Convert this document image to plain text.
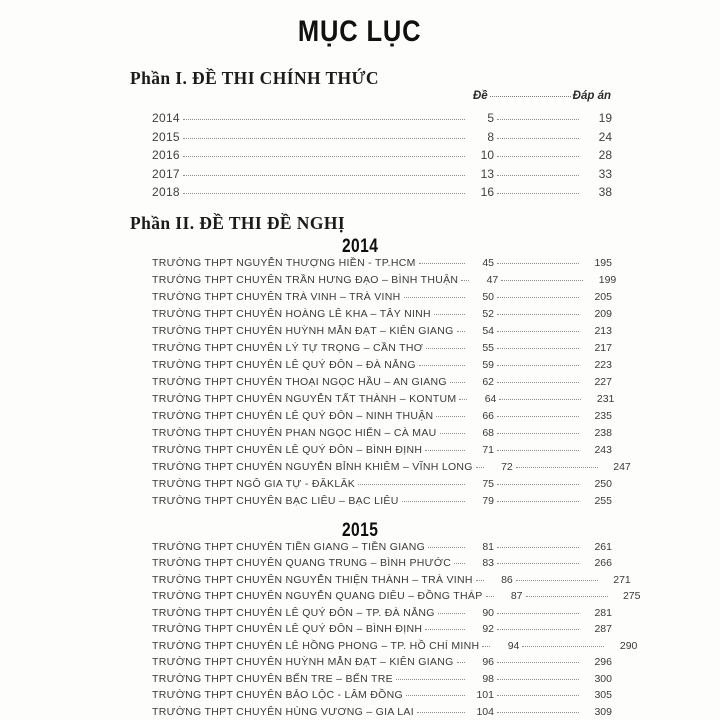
MỤC LỤC
Phần I. ĐỀ THI CHÍNH THỨC
Đề	Đáp án
2014	5	19
2015	8	24
2016	10	28
2017	13	33
2018	16	38
Phần II. ĐỀ THI ĐỀ NGHỊ
2014
TRƯỜNG THPT NGUYỄN THƯỢNG HIỀN - TP.HCM	45	195
TRƯỜNG THPT CHUYÊN TRẦN HƯNG ĐẠO – BÌNH THUẬN	47	199
TRƯỜNG THPT CHUYÊN TRÀ VINH – TRÀ VINH	50	205
TRƯỜNG THPT CHUYÊN HOÀNG LÊ KHA – TÂY NINH	52	209
TRƯỜNG THPT CHUYÊN HUỲNH MẪN ĐẠT – KIÊN GIANG	54	213
TRƯỜNG THPT CHUYÊN LÝ TỰ TRỌNG – CẦN THƠ	55	217
TRƯỜNG THPT CHUYÊN LÊ QUÝ ĐÔN – ĐÀ NẴNG	59	223
TRƯỜNG THPT CHUYÊN THOẠI NGỌC HẦU – AN GIANG	62	227
TRƯỜNG THPT CHUYÊN NGUYỄN TẤT THÀNH – KONTUM	64	231
TRƯỜNG THPT CHUYÊN LÊ QUÝ ĐÔN – NINH THUẬN	66	235
TRƯỜNG THPT CHUYÊN PHAN NGỌC HIỂN – CÀ MAU	68	238
TRƯỜNG THPT CHUYÊN LÊ QUÝ ĐÔN – BÌNH ĐỊNH	71	243
TRƯỜNG THPT CHUYÊN NGUYỄN BỈNH KHIÊM – VĨNH LONG	72	247
TRƯỜNG THPT NGÔ GIA TỰ - ĐĂKLĂK	75	250
TRƯỜNG THPT CHUYÊN BẠC LIÊU – BẠC LIÊU	79	255
2015
TRƯỜNG THPT CHUYÊN TIỀN GIANG – TIỀN GIANG	81	261
TRƯỜNG THPT CHUYÊN QUANG TRUNG – BÌNH PHƯỚC	83	266
TRƯỜNG THPT CHUYÊN NGUYỄN THIỆN THÀNH – TRÀ VINH	86	271
TRƯỜNG THPT CHUYÊN NGUYỄN QUANG DIÊU – ĐỒNG THÁP	87	275
TRƯỜNG THPT CHUYÊN LÊ QUÝ ĐÔN – TP. ĐÀ NẴNG	90	281
TRƯỜNG THPT CHUYÊN LÊ QUÝ ĐÔN – BÌNH ĐỊNH	92	287
TRƯỜNG THPT CHUYÊN LÊ HỒNG PHONG – TP. HỒ CHÍ MINH	94	290
TRƯỜNG THPT CHUYÊN HUỲNH MẪN ĐẠT – KIÊN GIANG	96	296
TRƯỜNG THPT CHUYÊN BẾN TRE – BẾN TRE	98	300
TRƯỜNG THPT CHUYÊN BẢO LỘC - LÂM ĐỒNG	101	305
TRƯỜNG THPT CHUYÊN HÙNG VƯƠNG – GIA LAI	104	309
